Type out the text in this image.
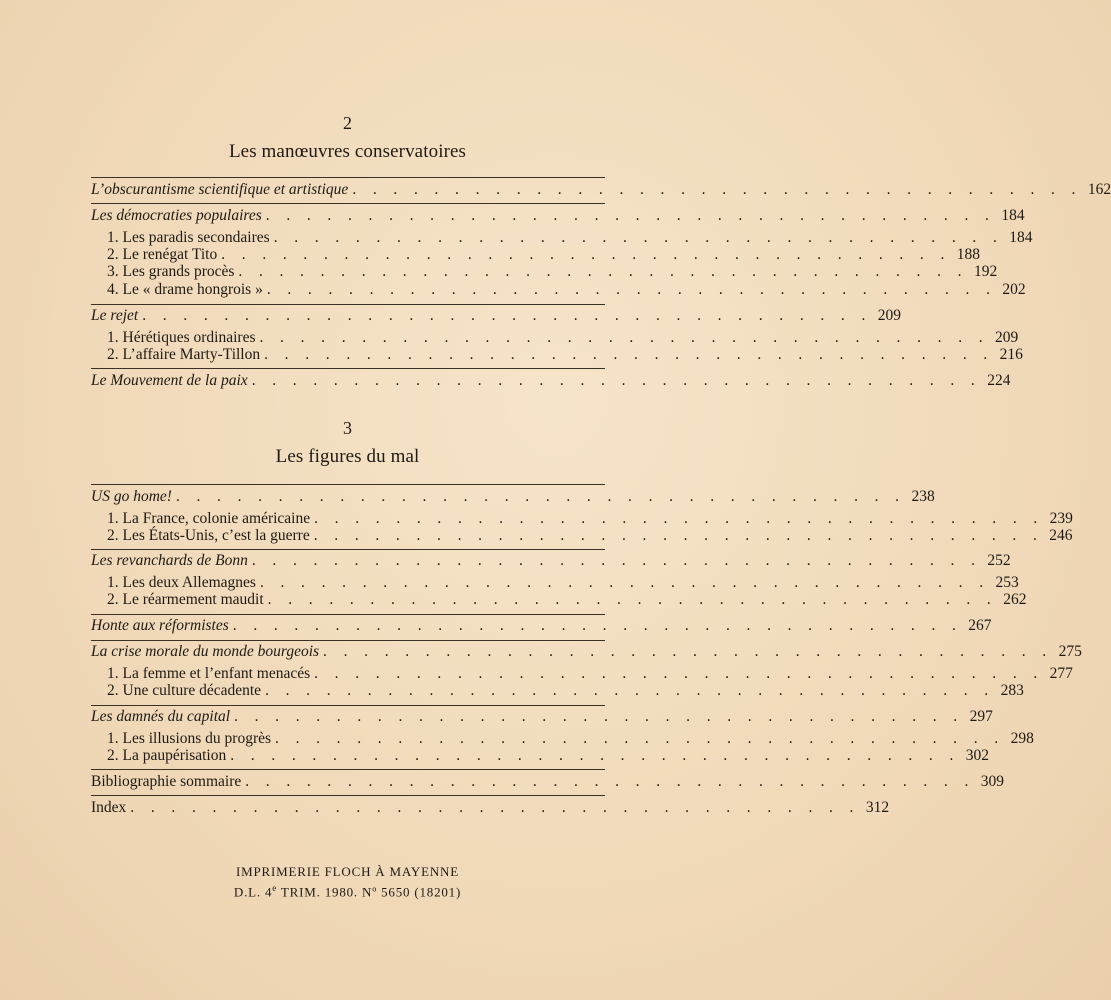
2
Les manœuvres conservatoires
L’obscurantisme scientifique et artistique . . . . . . . . . . . . . . . . . . . . . . . . . . . . . . . . . . . . 162
Les démocraties populaires . . . . . . . . . . . . . . . . . . . . . . . . . . . . . . . . . . . . 184
1. Les paradis secondaires . . . . . . . . . . . . . . . . . . . . . . . . . . . . . . . . . . . . 184
2. Le renégat Tito . . . . . . . . . . . . . . . . . . . . . . . . . . . . . . . . . . . . 188
3. Les grands procès . . . . . . . . . . . . . . . . . . . . . . . . . . . . . . . . . . . . 192
4. Le « drame hongrois » . . . . . . . . . . . . . . . . . . . . . . . . . . . . . . . . . . . . 202
Le rejet . . . . . . . . . . . . . . . . . . . . . . . . . . . . . . . . . . . . 209
1. Hérétiques ordinaires . . . . . . . . . . . . . . . . . . . . . . . . . . . . . . . . . . . . 209
2. L’affaire Marty-Tillon . . . . . . . . . . . . . . . . . . . . . . . . . . . . . . . . . . . . 216
Le Mouvement de la paix . . . . . . . . . . . . . . . . . . . . . . . . . . . . . . . . . . . . 224
3
Les figures du mal
US go home! . . . . . . . . . . . . . . . . . . . . . . . . . . . . . . . . . . . . 238
1. La France, colonie américaine . . . . . . . . . . . . . . . . . . . . . . . . . . . . . . . . . . . . 239
2. Les États-Unis, c’est la guerre . . . . . . . . . . . . . . . . . . . . . . . . . . . . . . . . . . . . 246
Les revanchards de Bonn . . . . . . . . . . . . . . . . . . . . . . . . . . . . . . . . . . . . 252
1. Les deux Allemagnes . . . . . . . . . . . . . . . . . . . . . . . . . . . . . . . . . . . . 253
2. Le réarmement maudit . . . . . . . . . . . . . . . . . . . . . . . . . . . . . . . . . . . . 262
Honte aux réformistes . . . . . . . . . . . . . . . . . . . . . . . . . . . . . . . . . . . . 267
La crise morale du monde bourgeois . . . . . . . . . . . . . . . . . . . . . . . . . . . . . . . . . . . . 275
1. La femme et l’enfant menacés . . . . . . . . . . . . . . . . . . . . . . . . . . . . . . . . . . . . 277
2. Une culture décadente . . . . . . . . . . . . . . . . . . . . . . . . . . . . . . . . . . . . 283
Les damnés du capital . . . . . . . . . . . . . . . . . . . . . . . . . . . . . . . . . . . . 297
1. Les illusions du progrès . . . . . . . . . . . . . . . . . . . . . . . . . . . . . . . . . . . . 298
2. La paupérisation . . . . . . . . . . . . . . . . . . . . . . . . . . . . . . . . . . . . 302
Bibliographie sommaire . . . . . . . . . . . . . . . . . . . . . . . . . . . . . . . . . . . . 309
Index . . . . . . . . . . . . . . . . . . . . . . . . . . . . . . . . . . . . 312
IMPRIMERIE FLOCH À MAYENNE
D.L. 4e TRIM. 1980. Nº 5650 (18201)
